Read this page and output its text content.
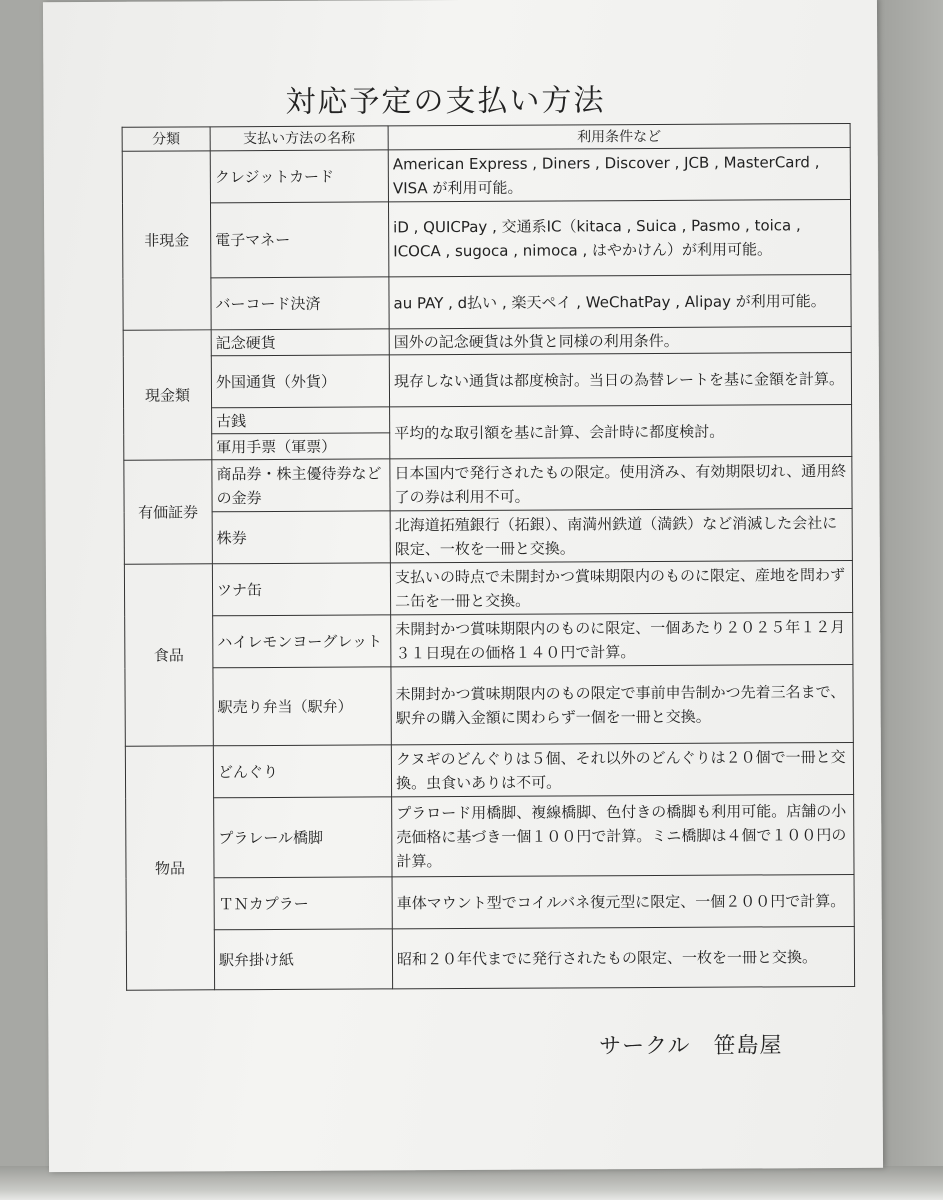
対応予定の支払い方法
分類	支払い方法の名称	利用条件など
非現金	クレジットカード	American Express , Diners , Discover , JCB , MasterCard , VISA が利用可能。
	電子マネー	iD , QUICPay , 交通系IC（kitaca , Suica , Pasmo , toica , ICOCA , sugoca , nimoca , はやかけん）が利用可能。
	バーコード決済	au PAY , d払い , 楽天ペイ , WeChatPay , Alipay が利用可能。
現金類	記念硬貨	国外の記念硬貨は外貨と同様の利用条件。
	外国通貨（外貨）	現存しない通貨は都度検討。当日の為替レートを基に金額を計算。
	古銭	平均的な取引額を基に計算、会計時に都度検討。
	軍用手票（軍票）	
有価証券	商品券・株主優待券などの金券	日本国内で発行されたもの限定。使用済み、有効期限切れ、通用終了の券は利用不可。
	株券	北海道拓殖銀行（拓銀）、南満州鉄道（満鉄）など消滅した会社に限定、一枚を一冊と交換。
食品	ツナ缶	支払いの時点で未開封かつ賞味期限内のものに限定、産地を問わず二缶を一冊と交換。
	ハイレモンヨーグレット	未開封かつ賞味期限内のものに限定、一個あたり２０２５年１２月３１日現在の価格１４０円で計算。
	駅売り弁当（駅弁）	未開封かつ賞味期限内のもの限定で事前申告制かつ先着三名まで、駅弁の購入金額に関わらず一個を一冊と交換。
物品	どんぐり	クヌギのどんぐりは５個、それ以外のどんぐりは２０個で一冊と交換。虫食いありは不可。
	プラレール橋脚	プラロード用橋脚、複線橋脚、色付きの橋脚も利用可能。店舗の小売価格に基づき一個１００円で計算。ミニ橋脚は４個で１００円の計算。
	ＴＮカプラー	車体マウント型でコイルバネ復元型に限定、一個２００円で計算。
	駅弁掛け紙	昭和２０年代までに発行されたもの限定、一枚を一冊と交換。
サークル　笹島屋
